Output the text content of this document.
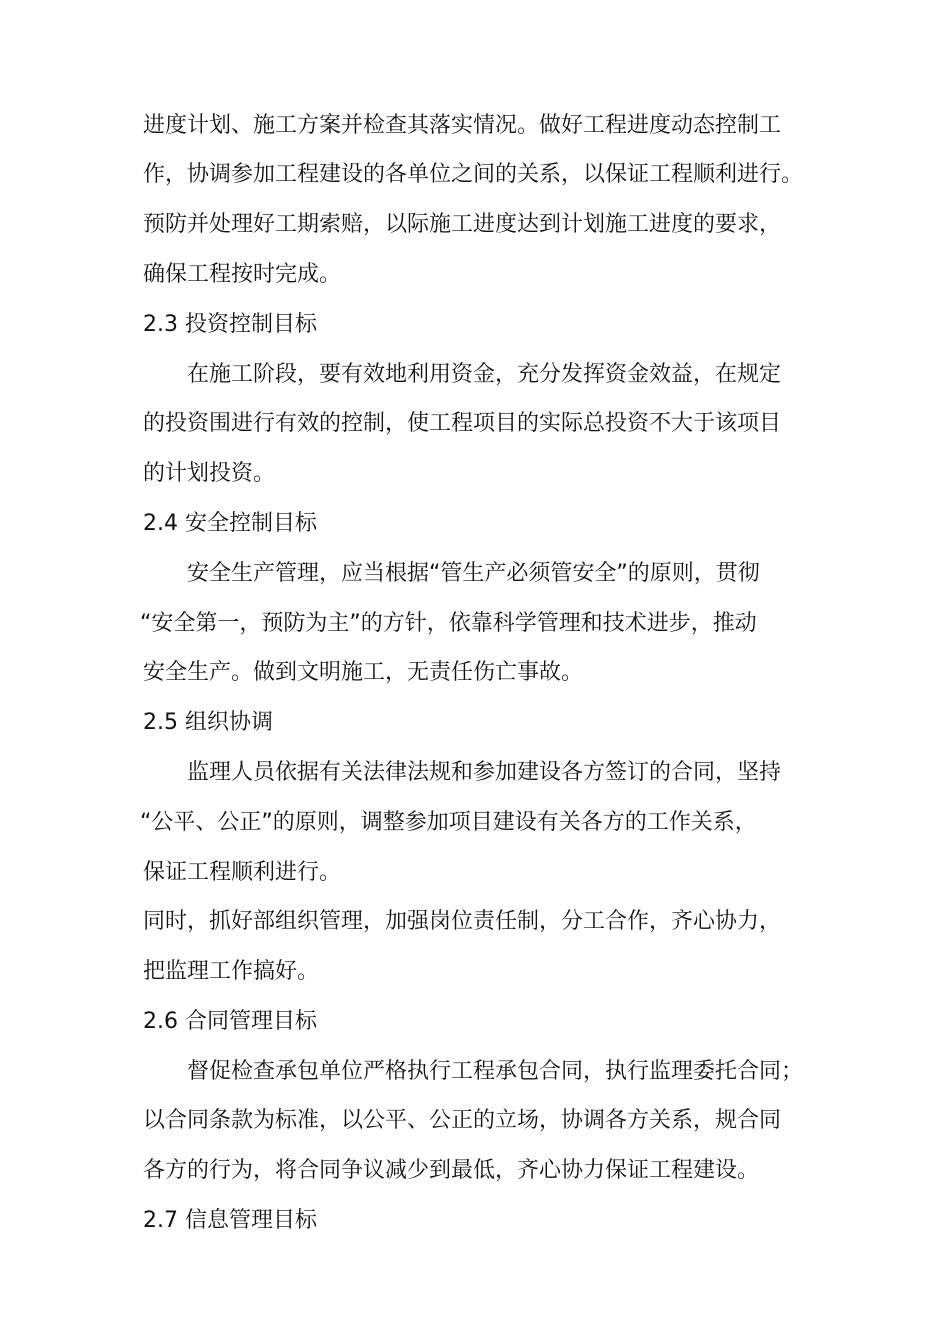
进度计划、施工方案并检查其落实情况。做好工程进度动态控制工
作，协调参加工程建设的各单位之间的关系，以保证工程顺利进行。
预防并处理好工期索赔，以际施工进度达到计划施工进度的要求，
确保工程按时完成。
2.3 投资控制目标
在施工阶段，要有效地利用资金，充分发挥资金效益，在规定
的投资围进行有效的控制，使工程项目的实际总投资不大于该项目
的计划投资。
2.4 安全控制目标
安全生产管理，应当根据“管生产必须管安全”的原则，贯彻
“安全第一，预防为主”的方针，依靠科学管理和技术进步，推动
安全生产。做到文明施工，无责任伤亡事故。
2.5 组织协调
监理人员依据有关法律法规和参加建设各方签订的合同，坚持
“公平、公正”的原则，调整参加项目建设有关各方的工作关系，
保证工程顺利进行。
同时，抓好部组织管理，加强岗位责任制，分工合作，齐心协力，
把监理工作搞好。
2.6 合同管理目标
督促检查承包单位严格执行工程承包合同，执行监理委托合同；
以合同条款为标准，以公平、公正的立场，协调各方关系，规合同
各方的行为，将合同争议减少到最低，齐心协力保证工程建设。
2.7 信息管理目标
